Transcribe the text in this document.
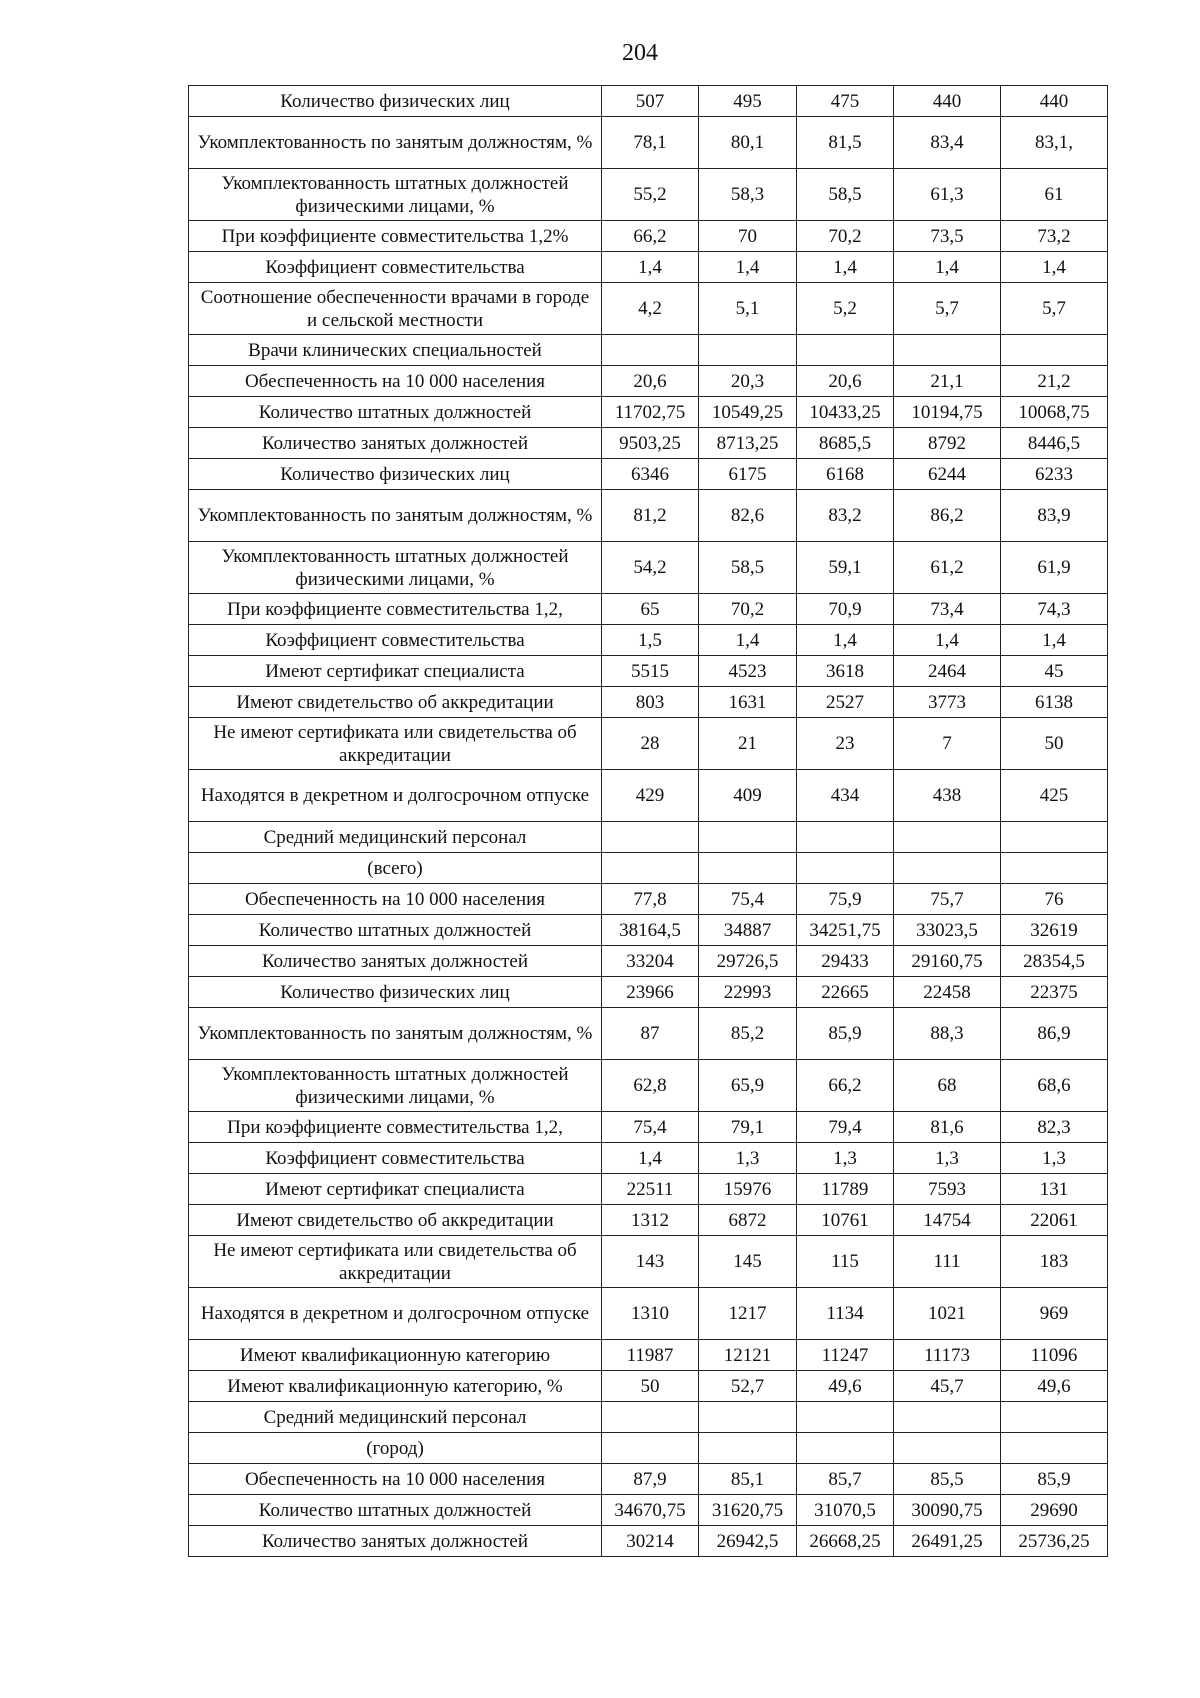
204
Количество физических лиц	507	495	475	440	440
Укомплектованность по занятым должностям, %	78,1	80,1	81,5	83,4	83,1,
Укомплектованность штатных должностей физическими лицами, %	55,2	58,3	58,5	61,3	61
При коэффициенте совместительства 1,2%	66,2	70	70,2	73,5	73,2
Коэффициент совместительства	1,4	1,4	1,4	1,4	1,4
Соотношение обеспеченности врачами в городе и сельской местности	4,2	5,1	5,2	5,7	5,7
Врачи клинических специальностей					
Обеспеченность на 10 000 населения	20,6	20,3	20,6	21,1	21,2
Количество штатных должностей	11702,75	10549,25	10433,25	10194,75	10068,75
Количество занятых должностей	9503,25	8713,25	8685,5	8792	8446,5
Количество физических лиц	6346	6175	6168	6244	6233
Укомплектованность по занятым должностям, %	81,2	82,6	83,2	86,2	83,9
Укомплектованность штатных должностей физическими лицами, %	54,2	58,5	59,1	61,2	61,9
При коэффициенте совместительства 1,2,	65	70,2	70,9	73,4	74,3
Коэффициент совместительства	1,5	1,4	1,4	1,4	1,4
Имеют сертификат специалиста	5515	4523	3618	2464	45
Имеют свидетельство об аккредитации	803	1631	2527	3773	6138
Не имеют сертификата или свидетельства об аккредитации	28	21	23	7	50
Находятся в декретном и долгосрочном отпуске	429	409	434	438	425
Средний медицинский персонал					
(всего)					
Обеспеченность на 10 000 населения	77,8	75,4	75,9	75,7	76
Количество штатных должностей	38164,5	34887	34251,75	33023,5	32619
Количество занятых должностей	33204	29726,5	29433	29160,75	28354,5
Количество физических лиц	23966	22993	22665	22458	22375
Укомплектованность по занятым должностям, %	87	85,2	85,9	88,3	86,9
Укомплектованность штатных должностей физическими лицами, %	62,8	65,9	66,2	68	68,6
При коэффициенте совместительства 1,2,	75,4	79,1	79,4	81,6	82,3
Коэффициент совместительства	1,4	1,3	1,3	1,3	1,3
Имеют сертификат специалиста	22511	15976	11789	7593	131
Имеют свидетельство об аккредитации	1312	6872	10761	14754	22061
Не имеют сертификата или свидетельства об аккредитации	143	145	115	111	183
Находятся в декретном и долгосрочном отпуске	1310	1217	1134	1021	969
Имеют квалификационную категорию	11987	12121	11247	11173	11096
Имеют квалификационную категорию, %	50	52,7	49,6	45,7	49,6
Средний медицинский персонал					
(город)					
Обеспеченность на 10 000 населения	87,9	85,1	85,7	85,5	85,9
Количество штатных должностей	34670,75	31620,75	31070,5	30090,75	29690
Количество занятых должностей	30214	26942,5	26668,25	26491,25	25736,25
